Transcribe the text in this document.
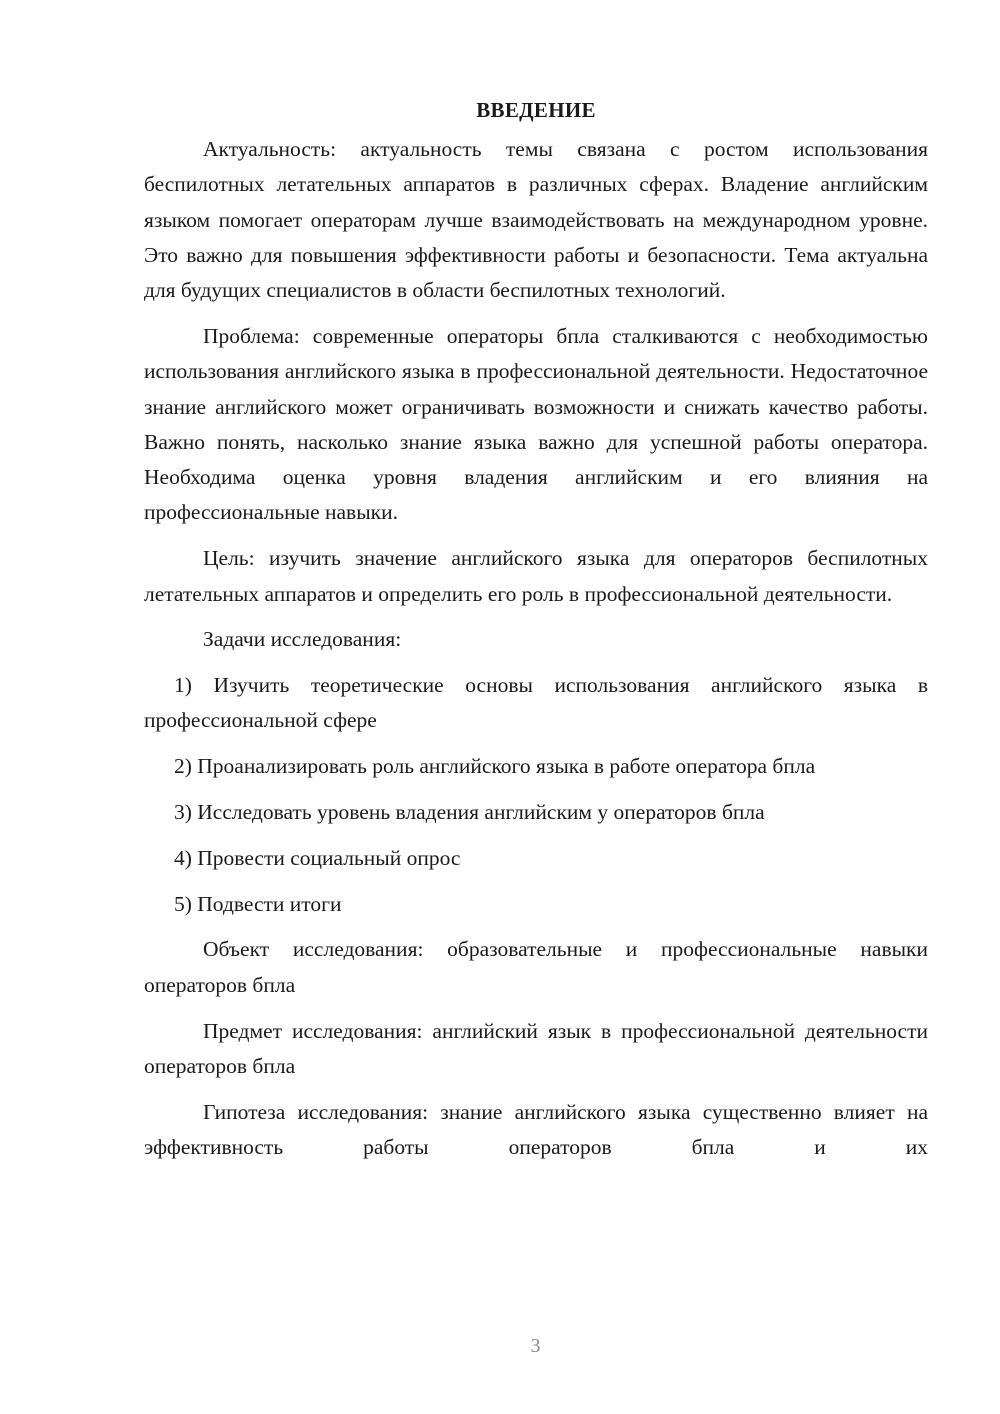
ВВЕДЕНИЕ

Актуальность: актуальность темы связана с ростом использования беспилотных летательных аппаратов в различных сферах. Владение английским языком помогает операторам лучше взаимодействовать на международном уровне. Это важно для повышения эффективности работы и безопасности. Тема актуальна для будущих специалистов в области беспилотных технологий.

Проблема: современные операторы бпла сталкиваются с необходимостью использования английского языка в профессиональной деятельности. Недостаточное знание английского может ограничивать возможности и снижать качество работы. Важно понять, насколько знание языка важно для успешной работы оператора. Необходима оценка уровня владения английским и его влияния на профессиональные навыки.

Цель: изучить значение английского языка для операторов беспилотных летательных аппаратов и определить его роль в профессиональной деятельности.

Задачи исследования:

1) Изучить теоретические основы использования английского языка в профессиональной сфере

2) Проанализировать роль английского языка в работе оператора бпла

3) Исследовать уровень владения английским у операторов бпла

4) Провести социальный опрос

5) Подвести итоги

Объект исследования: образовательные и профессиональные навыки операторов бпла

Предмет исследования: английский язык в профессиональной деятельности операторов бпла

Гипотеза исследования: знание английского языка существенно влияет на эффективность работы операторов бпла и их

3
